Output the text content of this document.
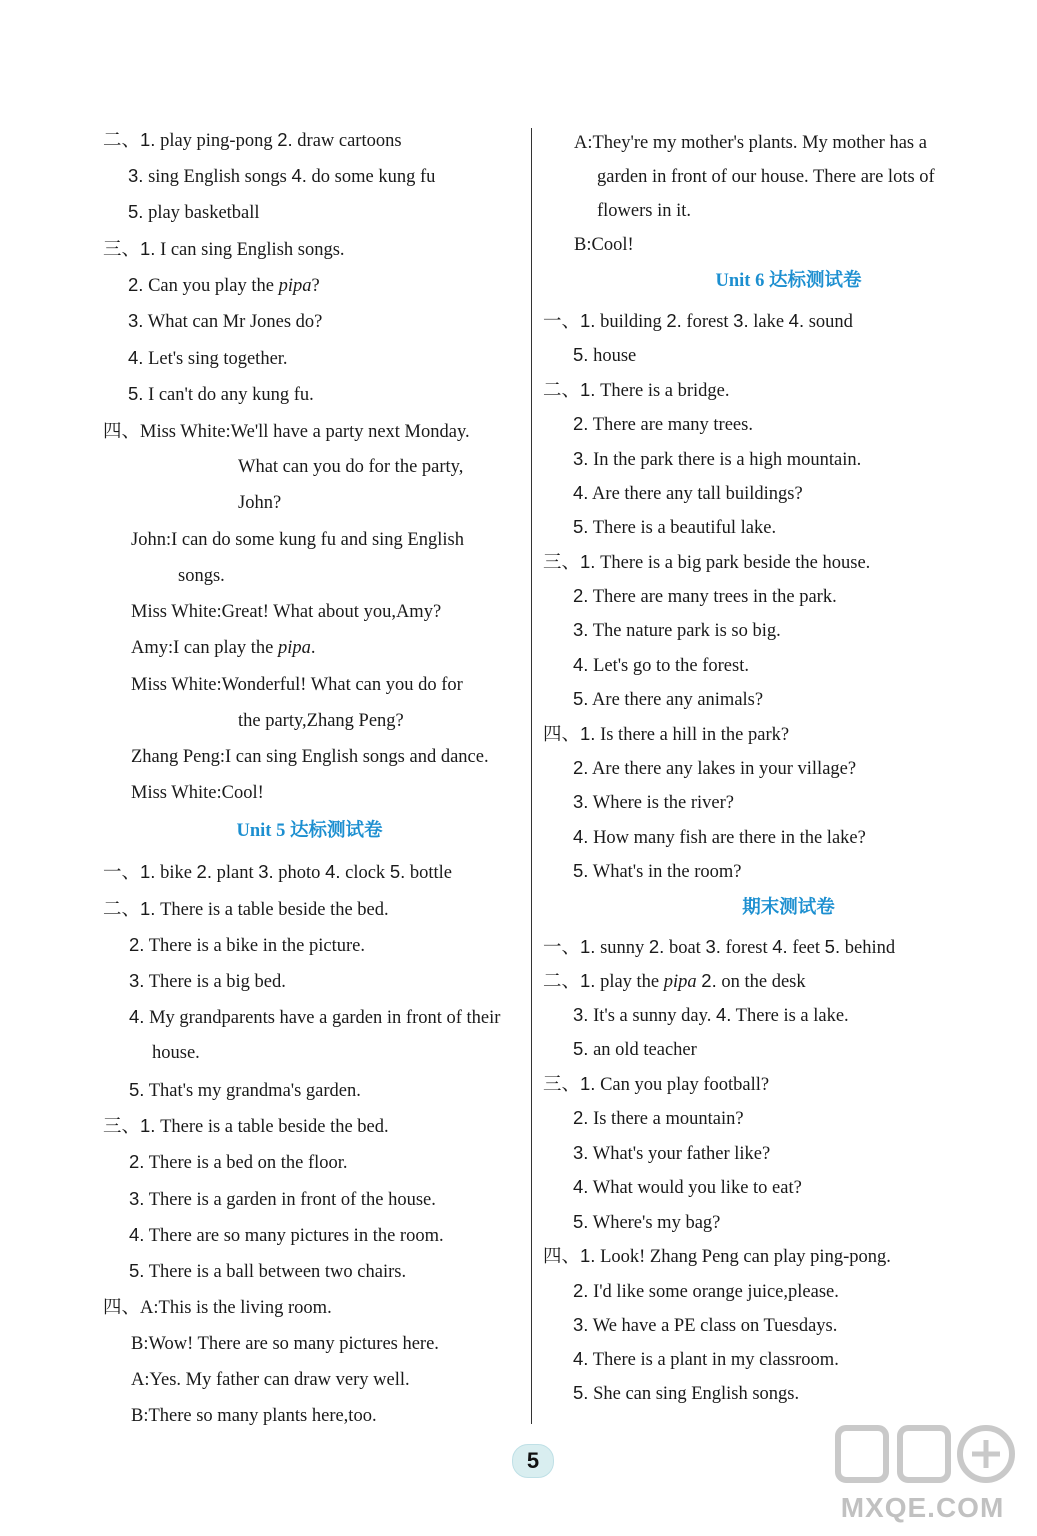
二、1. play ping-pong 2. draw cartoons
3. sing English songs 4. do some kung fu
5. play basketball
三、1. I can sing English songs.
2. Can you play the pipa?
3. What can Mr Jones do?
4. Let's sing together.
5. I can't do any kung fu.
四、Miss White:We'll have a party next Monday.
What can you do for the party,
John?
John:I can do some kung fu and sing English
songs.
Miss White:Great! What about you,Amy?
Amy:I can play the pipa.
Miss White:Wonderful! What can you do for
the party,Zhang Peng?
Zhang Peng:I can sing English songs and dance.
Miss White:Cool!
Unit 5 达标测试卷
一、1. bike 2. plant 3. photo 4. clock 5. bottle
二、1. There is a table beside the bed.
2. There is a bike in the picture.
3. There is a big bed.
4. My grandparents have a garden in front of their
house.
5. That's my grandma's garden.
三、1. There is a table beside the bed.
2. There is a bed on the floor.
3. There is a garden in front of the house.
4. There are so many pictures in the room.
5. There is a ball between two chairs.
四、A:This is the living room.
B:Wow! There are so many pictures here.
A:Yes. My father can draw very well.
B:There so many plants here,too.
A:They're my mother's plants. My mother has a
garden in front of our house. There are lots of
flowers in it.
B:Cool!
Unit 6 达标测试卷
一、1. building 2. forest 3. lake 4. sound
5. house
二、1. There is a bridge.
2. There are many trees.
3. In the park there is a high mountain.
4. Are there any tall buildings?
5. There is a beautiful lake.
三、1. There is a big park beside the house.
2. There are many trees in the park.
3. The nature park is so big.
4. Let's go to the forest.
5. Are there any animals?
四、1. Is there a hill in the park?
2. Are there any lakes in your village?
3. Where is the river?
4. How many fish are there in the lake?
5. What's in the room?
期末测试卷
一、1. sunny 2. boat 3. forest 4. feet 5. behind
二、1. play the pipa 2. on the desk
3. It's a sunny day. 4. There is a lake.
5. an old teacher
三、1. Can you play football?
2. Is there a mountain?
3. What's your father like?
4. What would you like to eat?
5. Where's my bag?
四、1. Look! Zhang Peng can play ping-pong.
2. I'd like some orange juice,please.
3. We have a PE class on Tuesdays.
4. There is a plant in my classroom.
5. She can sing English songs.
5
MXQE.COM
